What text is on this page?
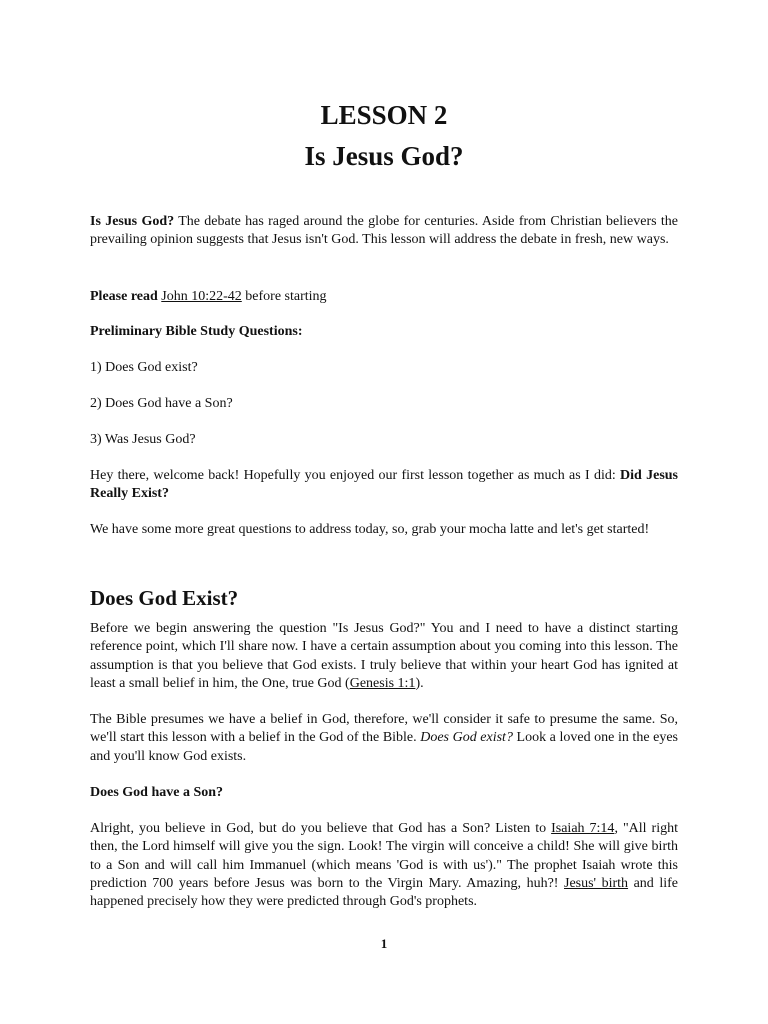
LESSON 2
Is Jesus God?
Is Jesus God? The debate has raged around the globe for centuries. Aside from Christian believers the prevailing opinion suggests that Jesus isn't God. This lesson will address the debate in fresh, new ways.
Please read John 10:22-42 before starting
Preliminary Bible Study Questions:
1) Does God exist?
2) Does God have a Son?
3) Was Jesus God?
Hey there, welcome back! Hopefully you enjoyed our first lesson together as much as I did: Did Jesus Really Exist?
We have some more great questions to address today, so, grab your mocha latte and let's get started!
Does God Exist?
Before we begin answering the question "Is Jesus God?" You and I need to have a distinct starting reference point, which I'll share now. I have a certain assumption about you coming into this lesson. The assumption is that you believe that God exists. I truly believe that within your heart God has ignited at least a small belief in him, the One, true God (Genesis 1:1).
The Bible presumes we have a belief in God, therefore, we'll consider it safe to presume the same. So, we'll start this lesson with a belief in the God of the Bible. Does God exist? Look a loved one in the eyes and you'll know God exists.
Does God have a Son?
Alright, you believe in God, but do you believe that God has a Son? Listen to Isaiah 7:14, "All right then, the Lord himself will give you the sign. Look! The virgin will conceive a child! She will give birth to a Son and will call him Immanuel (which means 'God is with us')." The prophet Isaiah wrote this prediction 700 years before Jesus was born to the Virgin Mary. Amazing, huh?! Jesus' birth and life happened precisely how they were predicted through God's prophets.
1
